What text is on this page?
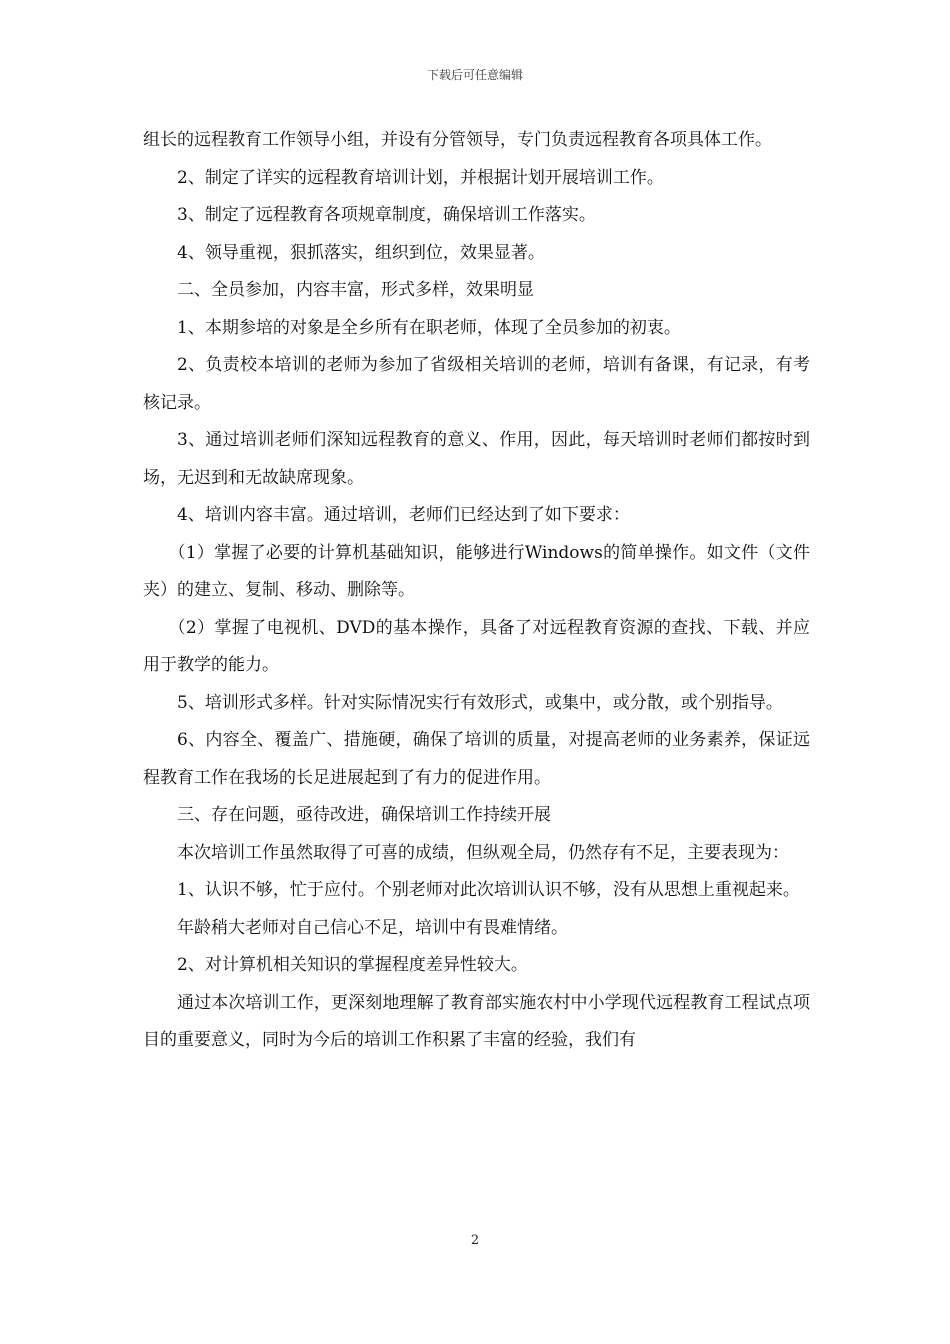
下载后可任意编辑

组长的远程教育工作领导小组，并设有分管领导，专门负责远程教育各项具体工作。

2、制定了详实的远程教育培训计划，并根据计划开展培训工作。

3、制定了远程教育各项规章制度，确保培训工作落实。

4、领导重视，狠抓落实，组织到位，效果显著。

二、全员参加，内容丰富，形式多样，效果明显

1、本期参培的对象是全乡所有在职老师，体现了全员参加的初衷。

2、负责校本培训的老师为参加了省级相关培训的老师，培训有备课，有记录，有考核记录。

3、通过培训老师们深知远程教育的意义、作用，因此，每天培训时老师们都按时到场，无迟到和无故缺席现象。

4、培训内容丰富。通过培训，老师们已经达到了如下要求：

（1）掌握了必要的计算机基础知识，能够进行Windows的简单操作。如文件（文件夹）的建立、复制、移动、删除等。

（2）掌握了电视机、DVD的基本操作，具备了对远程教育资源的查找、下载、并应用于教学的能力。

5、培训形式多样。针对实际情况实行有效形式，或集中，或分散，或个别指导。

6、内容全、覆盖广、措施硬，确保了培训的质量，对提高老师的业务素养，保证远程教育工作在我场的长足进展起到了有力的促进作用。

三、存在问题，亟待改进，确保培训工作持续开展

本次培训工作虽然取得了可喜的成绩，但纵观全局，仍然存有不足，主要表现为：

1、认识不够，忙于应付。个别老师对此次培训认识不够，没有从思想上重视起来。

年龄稍大老师对自己信心不足，培训中有畏难情绪。

2、对计算机相关知识的掌握程度差异性较大。

通过本次培训工作，更深刻地理解了教育部实施农村中小学现代远程教育工程试点项目的重要意义，同时为今后的培训工作积累了丰富的经验，我们有

2
